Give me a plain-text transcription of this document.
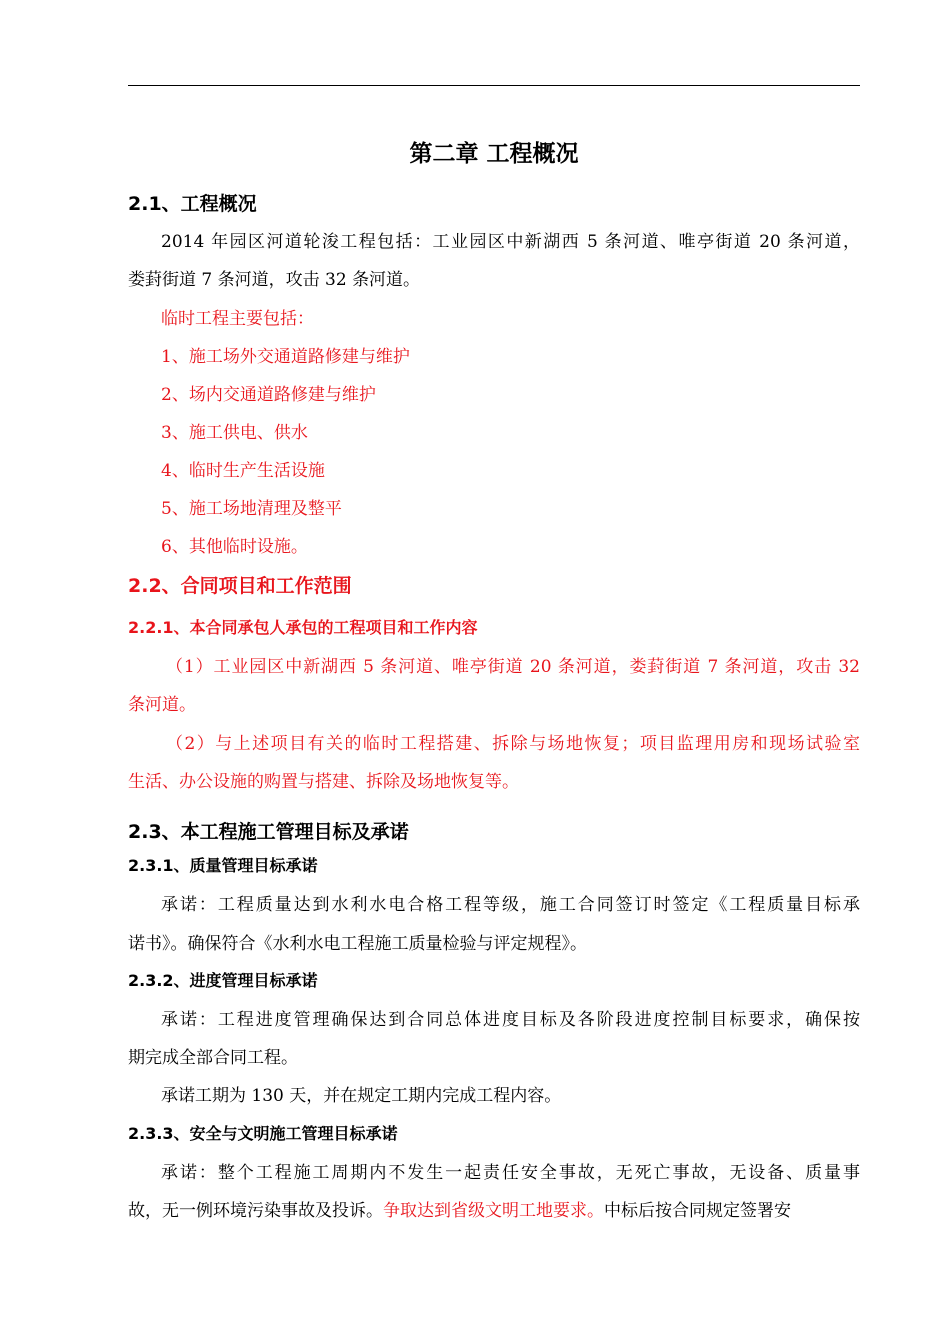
第二章 工程概况
2.1、工程概况
2014 年园区河道轮浚工程包括：工业园区中新湖西 5 条河道、唯亭街道 20 条河道，
娄葑街道 7 条河道，攻击 32 条河道。
临时工程主要包括：
1、施工场外交通道路修建与维护
2、场内交通道路修建与维护
3、施工供电、供水
4、临时生产生活设施
5、施工场地清理及整平
6、其他临时设施。
2.2、合同项目和工作范围
2.2.1、本合同承包人承包的工程项目和工作内容
（1）工业园区中新湖西 5 条河道、唯亭街道 20 条河道，娄葑街道 7 条河道，攻击 32
条河道。
（2）与上述项目有关的临时工程搭建、拆除与场地恢复；项目监理用房和现场试验室
生活、办公设施的购置与搭建、拆除及场地恢复等。
2.3、本工程施工管理目标及承诺
2.3.1、质量管理目标承诺
承诺：工程质量达到水利水电合格工程等级，施工合同签订时签定《工程质量目标承
诺书》。确保符合《水利水电工程施工质量检验与评定规程》。
2.3.2、进度管理目标承诺
承诺：工程进度管理确保达到合同总体进度目标及各阶段进度控制目标要求，确保按
期完成全部合同工程。
承诺工期为 130 天，并在规定工期内完成工程内容。
2.3.3、安全与文明施工管理目标承诺
承诺：整个工程施工周期内不发生一起责任安全事故，无死亡事故，无设备、质量事
故，无一例环境污染事故及投诉。争取达到省级文明工地要求。中标后按合同规定签署安
